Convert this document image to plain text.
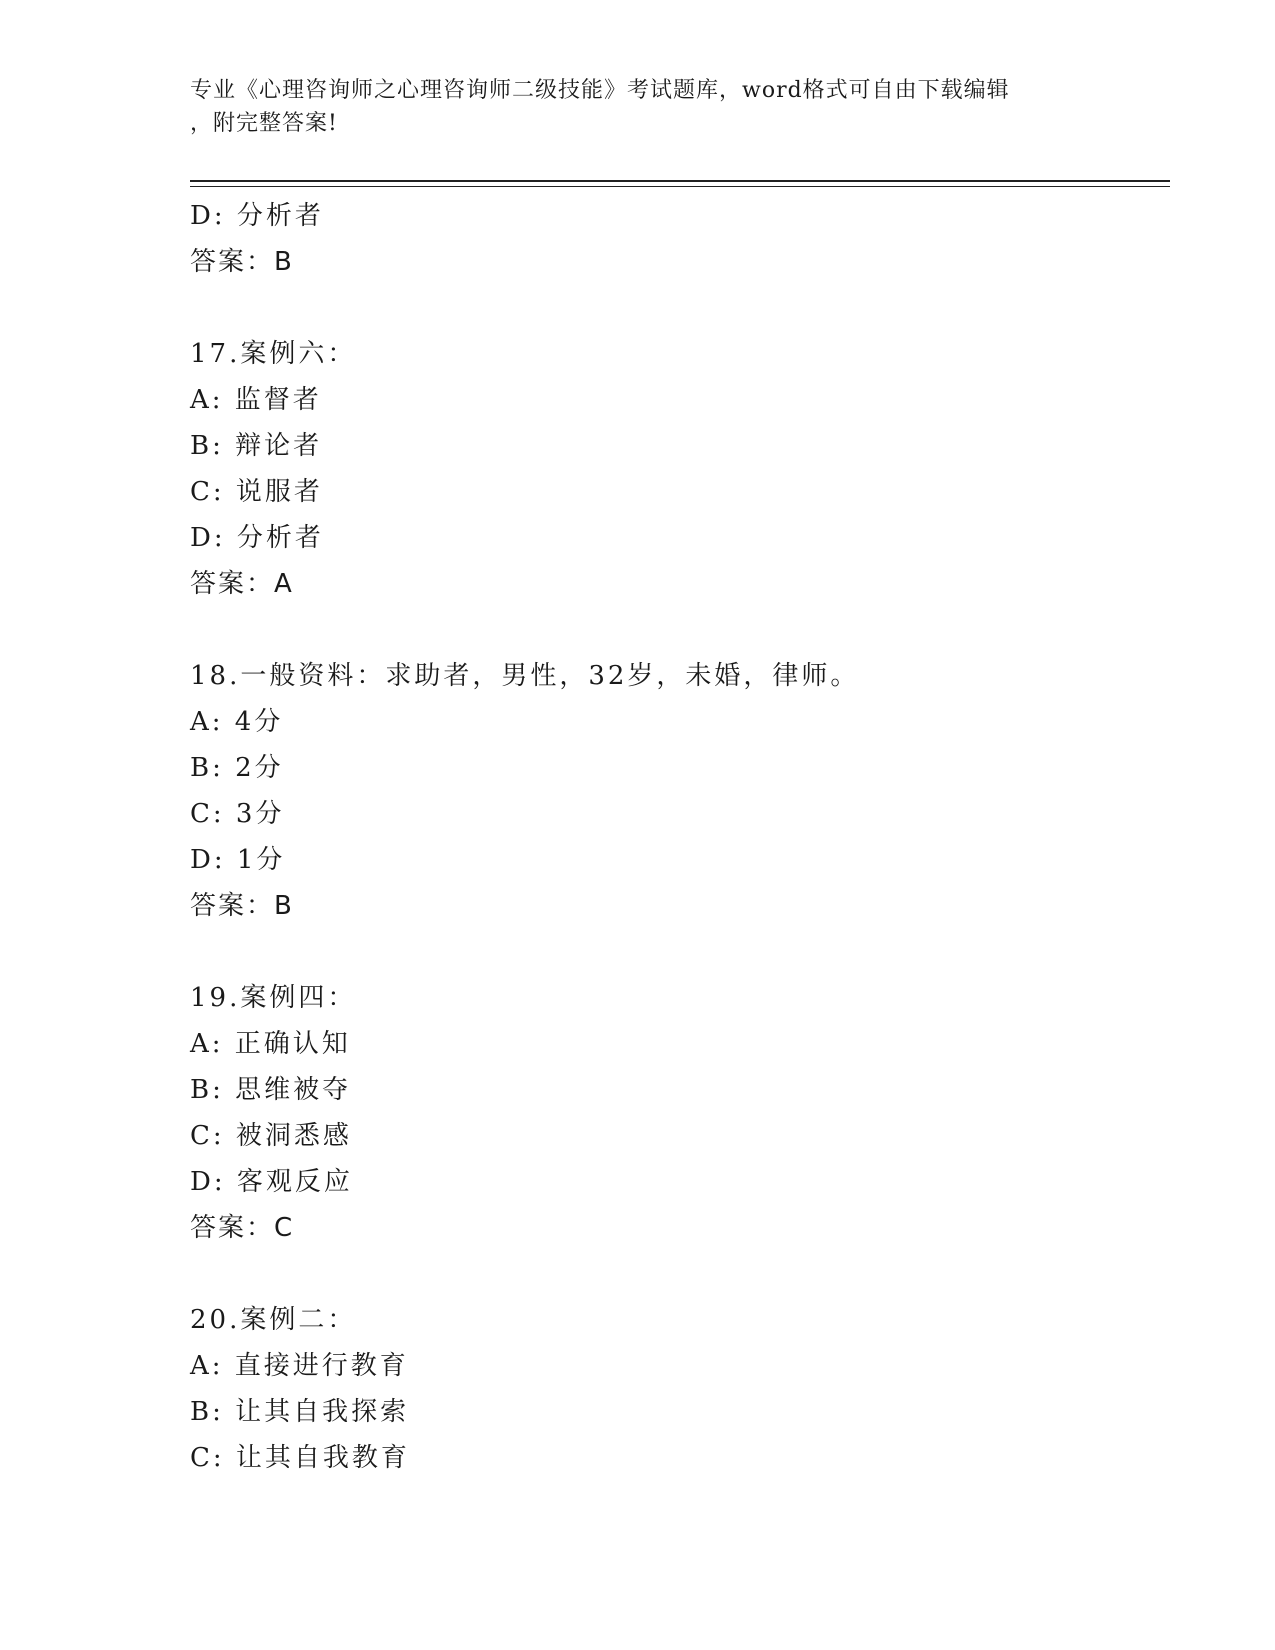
专业《心理咨询师之心理咨询师二级技能》考试题库，word格式可自由下载编辑
，附完整答案!
D: 分析者
答案：B
17.案例六：
A: 监督者
B: 辩论者
C: 说服者
D: 分析者
答案：A
18.一般资料：求助者，男性，32岁，未婚，律师。
A: 4分
B: 2分
C: 3分
D: 1分
答案：B
19.案例四：
A: 正确认知
B: 思维被夺
C: 被洞悉感
D: 客观反应
答案：C
20.案例二：
A: 直接进行教育
B: 让其自我探索
C: 让其自我教育
